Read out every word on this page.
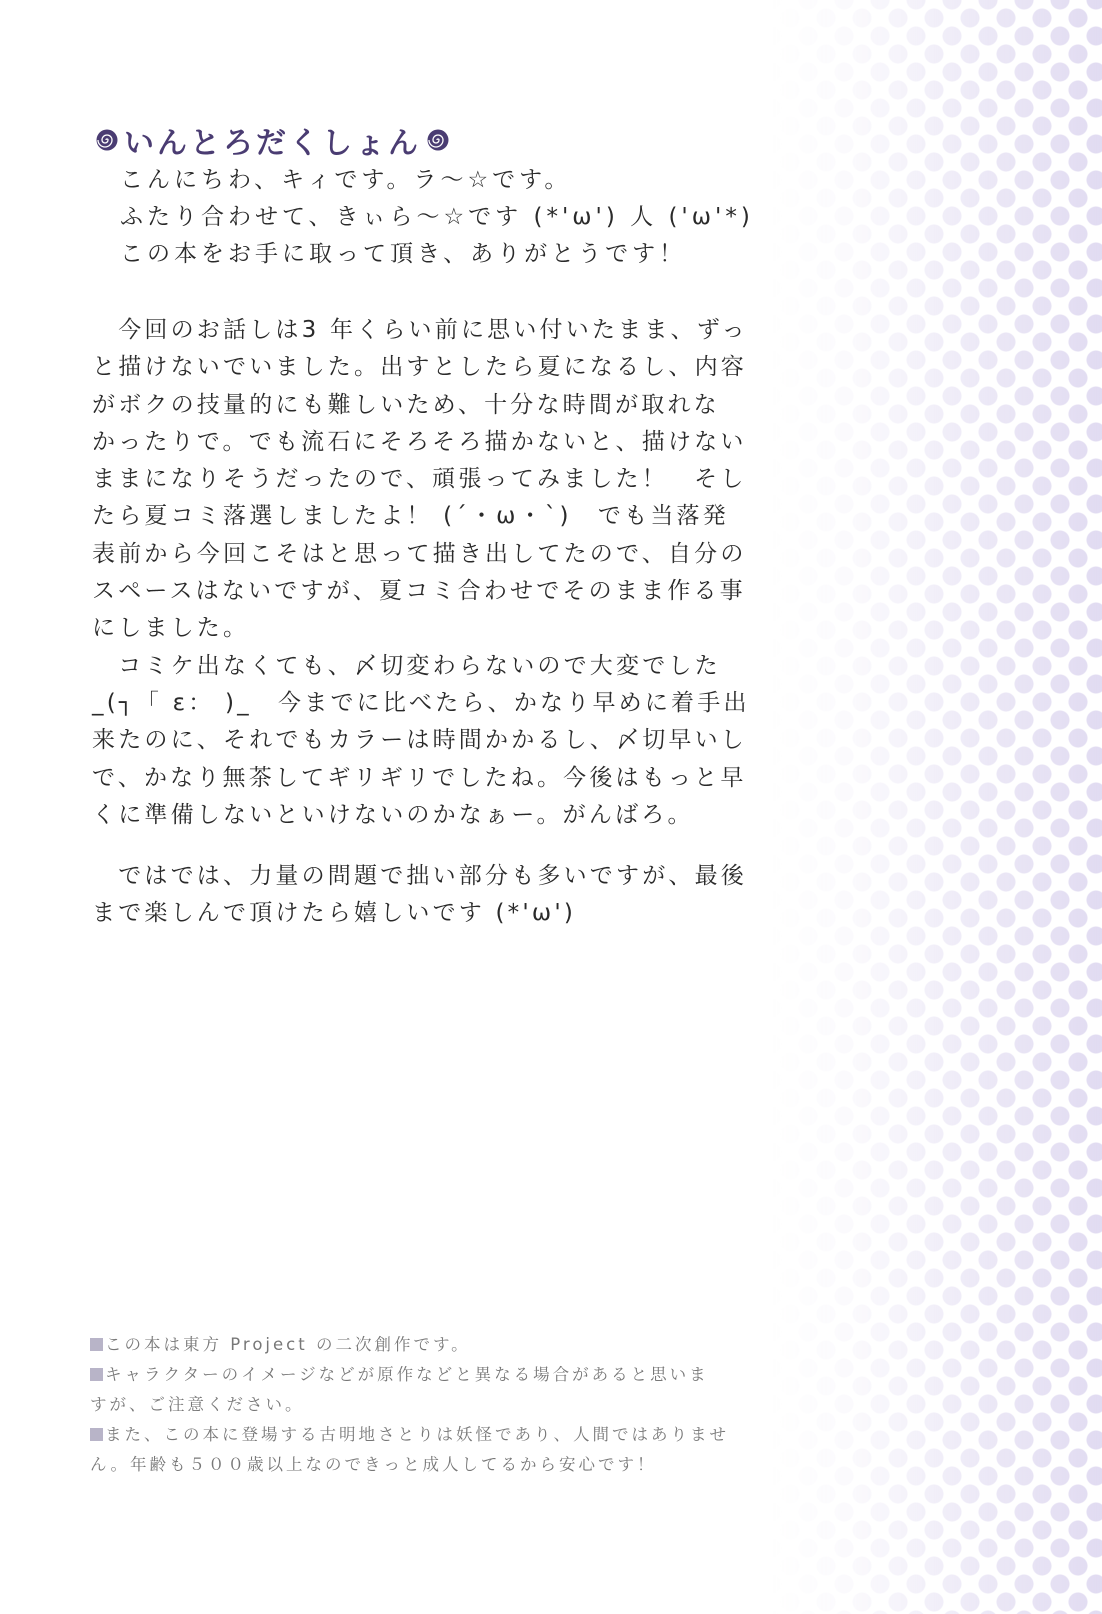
いんとろだくしょん
こんにちわ、キィです。ラ～☆です。
ふたり合わせて、きぃら～☆です (*'ω') 人 ('ω'*)
この本をお手に取って頂き、ありがとうです！
　今回のお話しは3 年くらい前に思い付いたまま、ずっ
と描けないでいました。出すとしたら夏になるし、内容
がボクの技量的にも難しいため、十分な時間が取れな
かったりで。でも流石にそろそろ描かないと、描けない
ままになりそうだったので、頑張ってみました！　そし
たら夏コミ落選しましたよ！ (´・ω・`)　でも当落発
表前から今回こそはと思って描き出してたので、自分の
スペースはないですが、夏コミ合わせでそのまま作る事
にしました。
　コミケ出なくても、〆切変わらないので大変でした
_(┐「 ε： )_　今までに比べたら、かなり早めに着手出
来たのに、それでもカラーは時間かかるし、〆切早いし
で、かなり無茶してギリギリでしたね。今後はもっと早
くに準備しないといけないのかなぁー。がんばろ。
　ではでは、力量の問題で拙い部分も多いですが、最後
まで楽しんで頂けたら嬉しいです (*'ω')
この本は東方 Project の二次創作です。
キャラクターのイメージなどが原作などと異なる場合があると思いま
すが、ご注意ください。
また、この本に登場する古明地さとりは妖怪であり、人間ではありませ
ん。年齢も５００歳以上なのできっと成人してるから安心です！
